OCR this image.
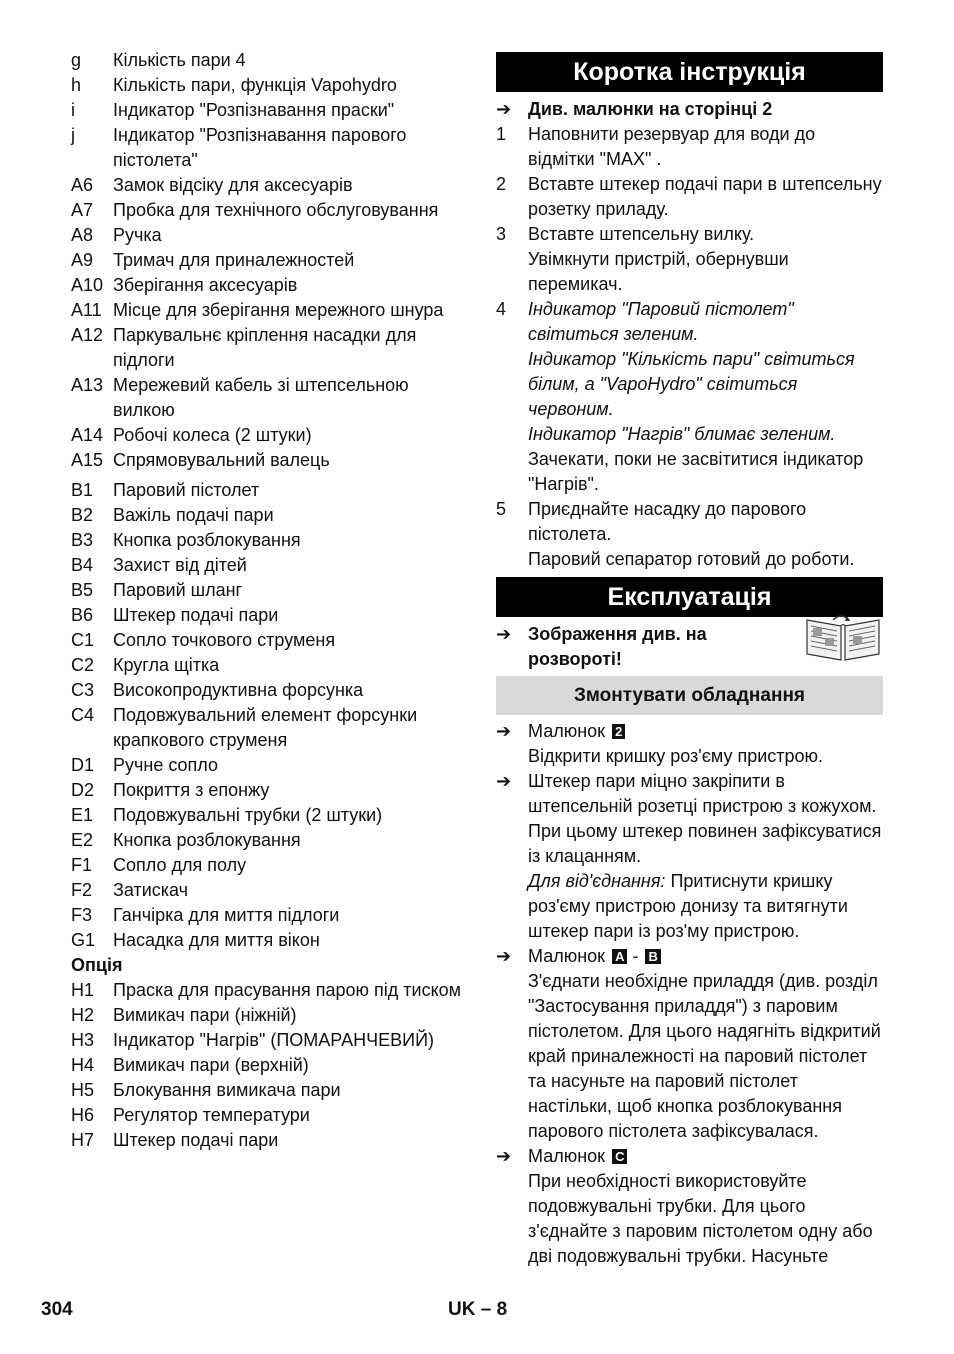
g	Кількість пари 4
h	Кількість пари, функція Vapohydro
i	Індикатор "Розпізнавання праски"
j	Індикатор "Розпізнавання парового пістолета"
A6	Замок відсіку для аксесуарів
A7	Пробка для технічного обслуговування
A8	Ручка
A9	Тримач для приналежностей
A10 Зберігання аксесуарів
A11 Місце для зберігання мережного шнура
A12 Паркувальнє кріплення насадки для підлоги
A13 Мережевий кабель зі штепсельною вилкою
A14 Робочі колеса (2 штуки)
A15 Спрямовувальний валець
B1	Паровий пістолет
B2	Важіль подачі пари
B3	Кнопка розблокування
B4	Захист від дітей
B5	Паровий шланг
B6	Штекер подачі пари
C1	Сопло точкового струменя
C2	Кругла щітка
C3	Високопродуктивна форсунка
C4	Подовжувальний елемент форсунки крапкового струменя
D1	Ручне сопло
D2	Покриття з епонжу
E1	Подовжувальні трубки (2 штуки)
E2	Кнопка розблокування
F1	Сопло для полу
F2	Затискач
F3	Ганчірка для миття підлоги
G1 Насадка для миття вікон
Опція
H1	Праска для прасування парою під тиском
H2	Вимикач пари (ніжній)
H3	Індикатор "Нагрів" (ПОМАРАНЧЕВИЙ)
H4	Вимикач пари (верхній)
H5	Блокування вимикача пари
H6	Регулятор температури
H7	Штекер подачі пари
Коротка інструкція
➔ Див. малюнки на сторінці 2
1	Наповнити резервуар для води до відмітки "MAX" .
2	Вставте штекер подачі пари в штепсельну розетку приладу.
3	Вставте штепсельну вилку.
Увімкнути пристрій, обернувши перемикач.
4	Індикатор "Паровий пістолет" світиться зеленим.
Індикатор "Кількість пари" світиться білим, а "VapoHydro" світиться червоним.
Індикатор "Нагрів" блимає зеленим.
Зачекати, поки не засвітитися індикатор "Нагрів".
5	Приєднайте насадку до парового пістолета.
Паровий сепаратор готовий до роботи.
Експлуатація
➔ Зображення див. на розвороті!
Змонтувати обладнання
➔ Малюнок 2
Відкрити кришку роз'єму пристрою.
➔ Штекер пари міцно закріпити в штепсельній розетці пристрою з кожухом. При цьому штекер повинен зафіксуватися із клацанням.
Для від'єднання: Притиснути кришку роз'єму пристрою донизу та витягнути штекер пари із роз'му пристрою.
➔ Малюнок A - B
З'єднати необхідне приладдя (див. розділ "Застосування приладдя") з паровим пістолетом. Для цього надягніть відкритий край приналежності на паровий пістолет та насуньте на паровий пістолет настільки, щоб кнопка розблокування парового пістолета зафіксувалася.
➔ Малюнок C
При необхідності використовуйте подовжувальні трубки. Для цього з'єднайте з паровим пістолетом одну або дві подовжувальні трубки. Насуньте
304	UK – 8
